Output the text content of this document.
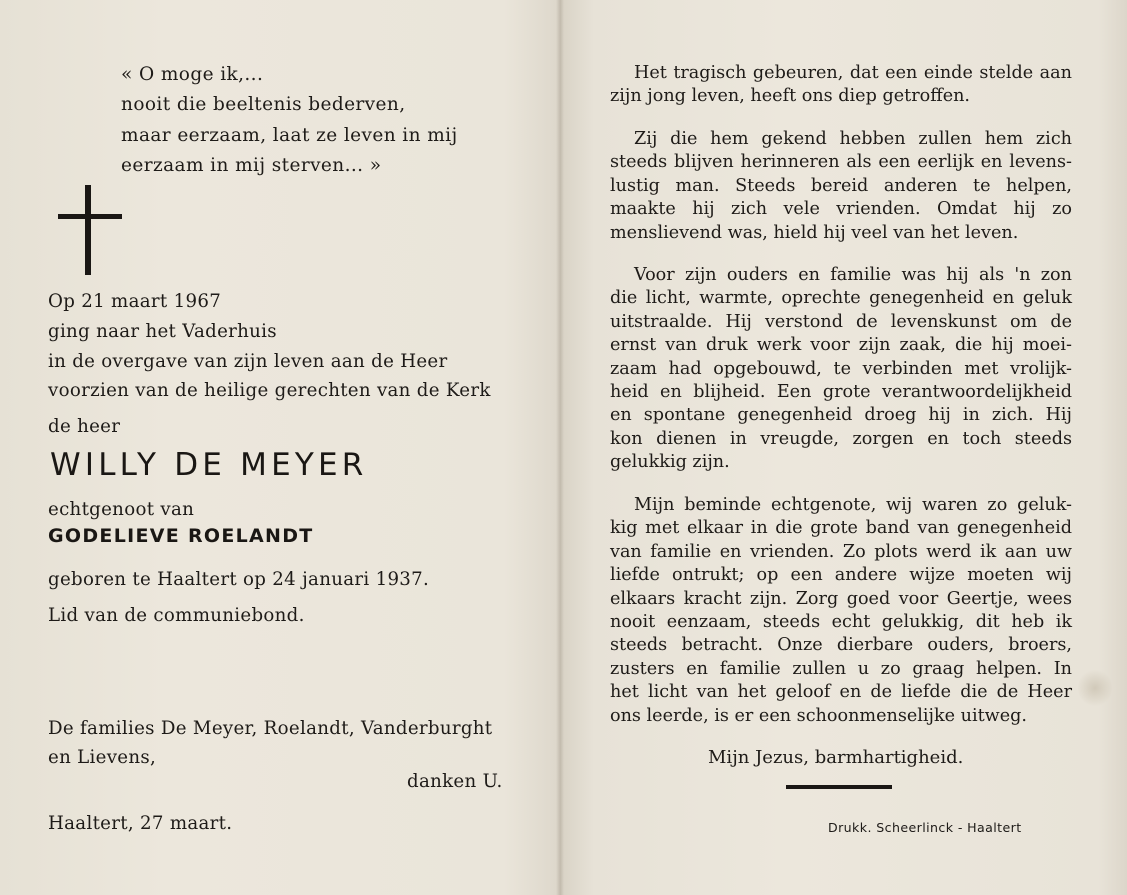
« O moge ik,...
nooit die beeltenis bederven,
maar eerzaam, laat ze leven in mij
eerzaam in mij sterven... »

Op 21 maart 1967

ging naar het Vaderhuis

in de overgave van zijn leven aan de Heer

voorzien van de heilige gerechten van de Kerk

de heer

WILLY DE MEYER

echtgenoot van

GODELIEVE ROELANDT

geboren te Haaltert op 24 januari 1937.

Lid van de communiebond.

De families De Meyer, Roelandt, Vanderburght

en Lievens,

danken U.

Haaltert, 27 maart.

Het tragisch gebeuren, dat een einde stelde aan
zijn jong leven, heeft ons diep getroffen.
Zij die hem gekend hebben zullen hem zich
steeds blijven herinneren als een eerlijk en levens-
lustig man. Steeds bereid anderen te helpen,
maakte hij zich vele vrienden. Omdat hij zo
menslievend was, hield hij veel van het leven.
Voor zijn ouders en familie was hij als 'n zon
die licht, warmte, oprechte genegenheid en geluk
uitstraalde. Hij verstond de levenskunst om de
ernst van druk werk voor zijn zaak, die hij moei-
zaam had opgebouwd, te verbinden met vrolijk-
heid en blijheid. Een grote verantwoordelijkheid
en spontane genegenheid droeg hij in zich. Hij
kon dienen in vreugde, zorgen en toch steeds
gelukkig zijn.
Mijn beminde echtgenote, wij waren zo geluk-
kig met elkaar in die grote band van genegenheid
van familie en vrienden. Zo plots werd ik aan uw
liefde ontrukt; op een andere wijze moeten wij
elkaars kracht zijn. Zorg goed voor Geertje, wees
nooit eenzaam, steeds echt gelukkig, dit heb ik
steeds betracht. Onze dierbare ouders, broers,
zusters en familie zullen u zo graag helpen. In
het licht van het geloof en de liefde die de Heer
ons leerde, is er een schoonmenselijke uitweg.

Mijn Jezus, barmhartigheid.

Drukk. Scheerlinck - Haaltert
